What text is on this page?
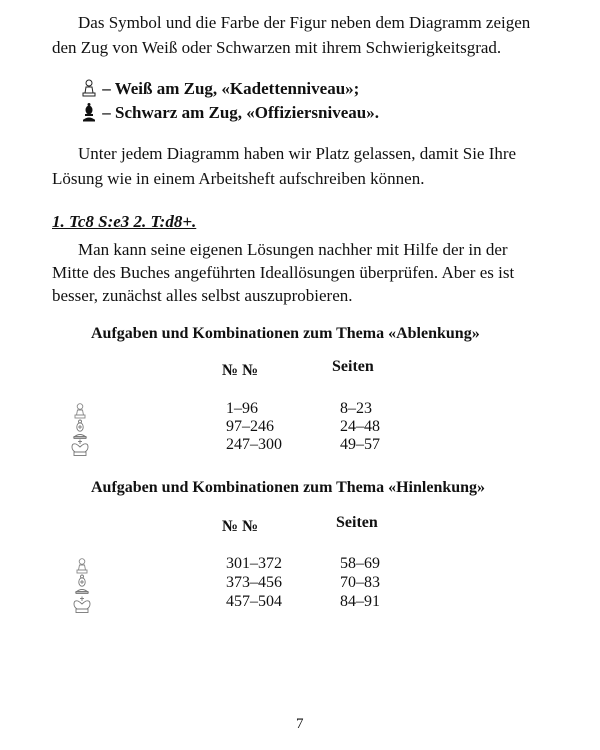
Das Symbol und die Farbe der Figur neben dem Diagramm zeigen
den Zug von Weiß oder Schwarzen mit ihrem Schwierigkeitsgrad.
– Weiß am Zug, «Kadettenniveau»;
– Schwarz am Zug, «Offiziersniveau».
Unter jedem Diagramm haben wir Platz gelassen, damit Sie Ihre
Lösung wie in einem Arbeitsheft aufschreiben können.
1. Tc8 S:e3 2. T:d8+.
Man kann seine eigenen Lösungen nachher mit Hilfe der in der
Mitte des Buches angeführten Ideallösungen überprüfen. Aber es ist
besser, zunächst alles selbst auszuprobieren.
Aufgaben und Kombinationen zum Thema «Ablenkung»
№ №	Seiten
1–96	8–23
97–246	24–48
247–300	49–57
Aufgaben und Kombinationen zum Thema «Hinlenkung»
№ №	Seiten
301–372	58–69
373–456	70–83
457–504	84–91
7
